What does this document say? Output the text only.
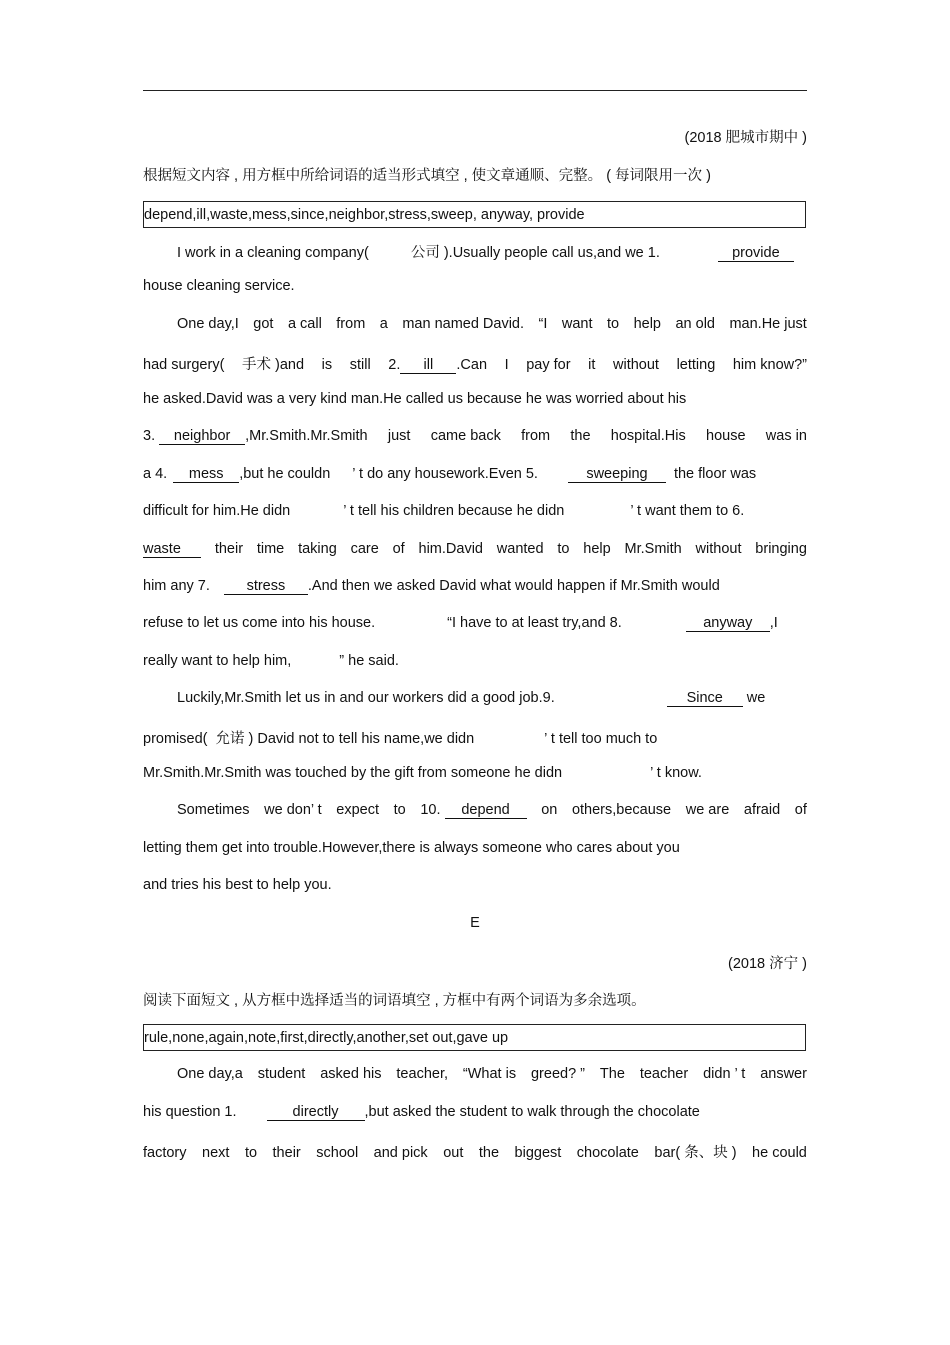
(2018 肥城市期中 )
根据短文内容 , 用方框中所给词语的适当形式填空 , 使文章通顺、完整。 ( 每词限用一次 )
depend,ill,waste,mess,since,neighbor,stress,sweep, anyway, provide
I work in a cleaning company(	公司 ).Usually people call us,and we 1.	provide
house cleaning service.
One day,I got a call from a man named David. “I want to help an old man.He just
had surgery( 手术 )and is still 2. ill .Can I pay for it without letting him know?”
he asked.David was a very kind man.He called us because he was worried about his
3. neighbor ,Mr.Smith.Mr.Smith just came back from the hospital.His house was in
a 4.	mess	,but he couldn ’ t do any housework.Even 5.	sweeping	the floor was
difficult for him.He didn	’ t tell his children because he didn	’ t want them to 6.
waste	their time taking care of him.David wanted to help Mr.Smith without bringing
him any 7.	stress	.And then we asked David what would happen if Mr.Smith would
refuse to let us come into his house.	“I have to at least try,and 8.	anyway	,I
really want to help him,	” he said.
Luckily,Mr.Smith let us in and our workers did a good job.9.	Since	we
promised( 允诺 ) David not to tell his name,we didn	’ t tell too much to
Mr.Smith.Mr.Smith was touched by the gift from someone he didn	’ t know.
Sometimes we don’ t expect to 10. depend	on others,because we are afraid of
letting them get into trouble.However,there is always someone who cares about you
and tries his best to help you.
E
(2018 济宁 )
阅读下面短文 , 从方框中选择适当的词语填空 , 方框中有两个词语为多余选项。
rule,none,again,note,first,directly,another,set out,gave up
One day,a student asked his teacher, “What is greed? ” The teacher didn ’ t answer
his question 1.	directly	,but asked the student to walk through the chocolate
factory next to their school and pick out the biggest chocolate bar( 条、块 ) he could
